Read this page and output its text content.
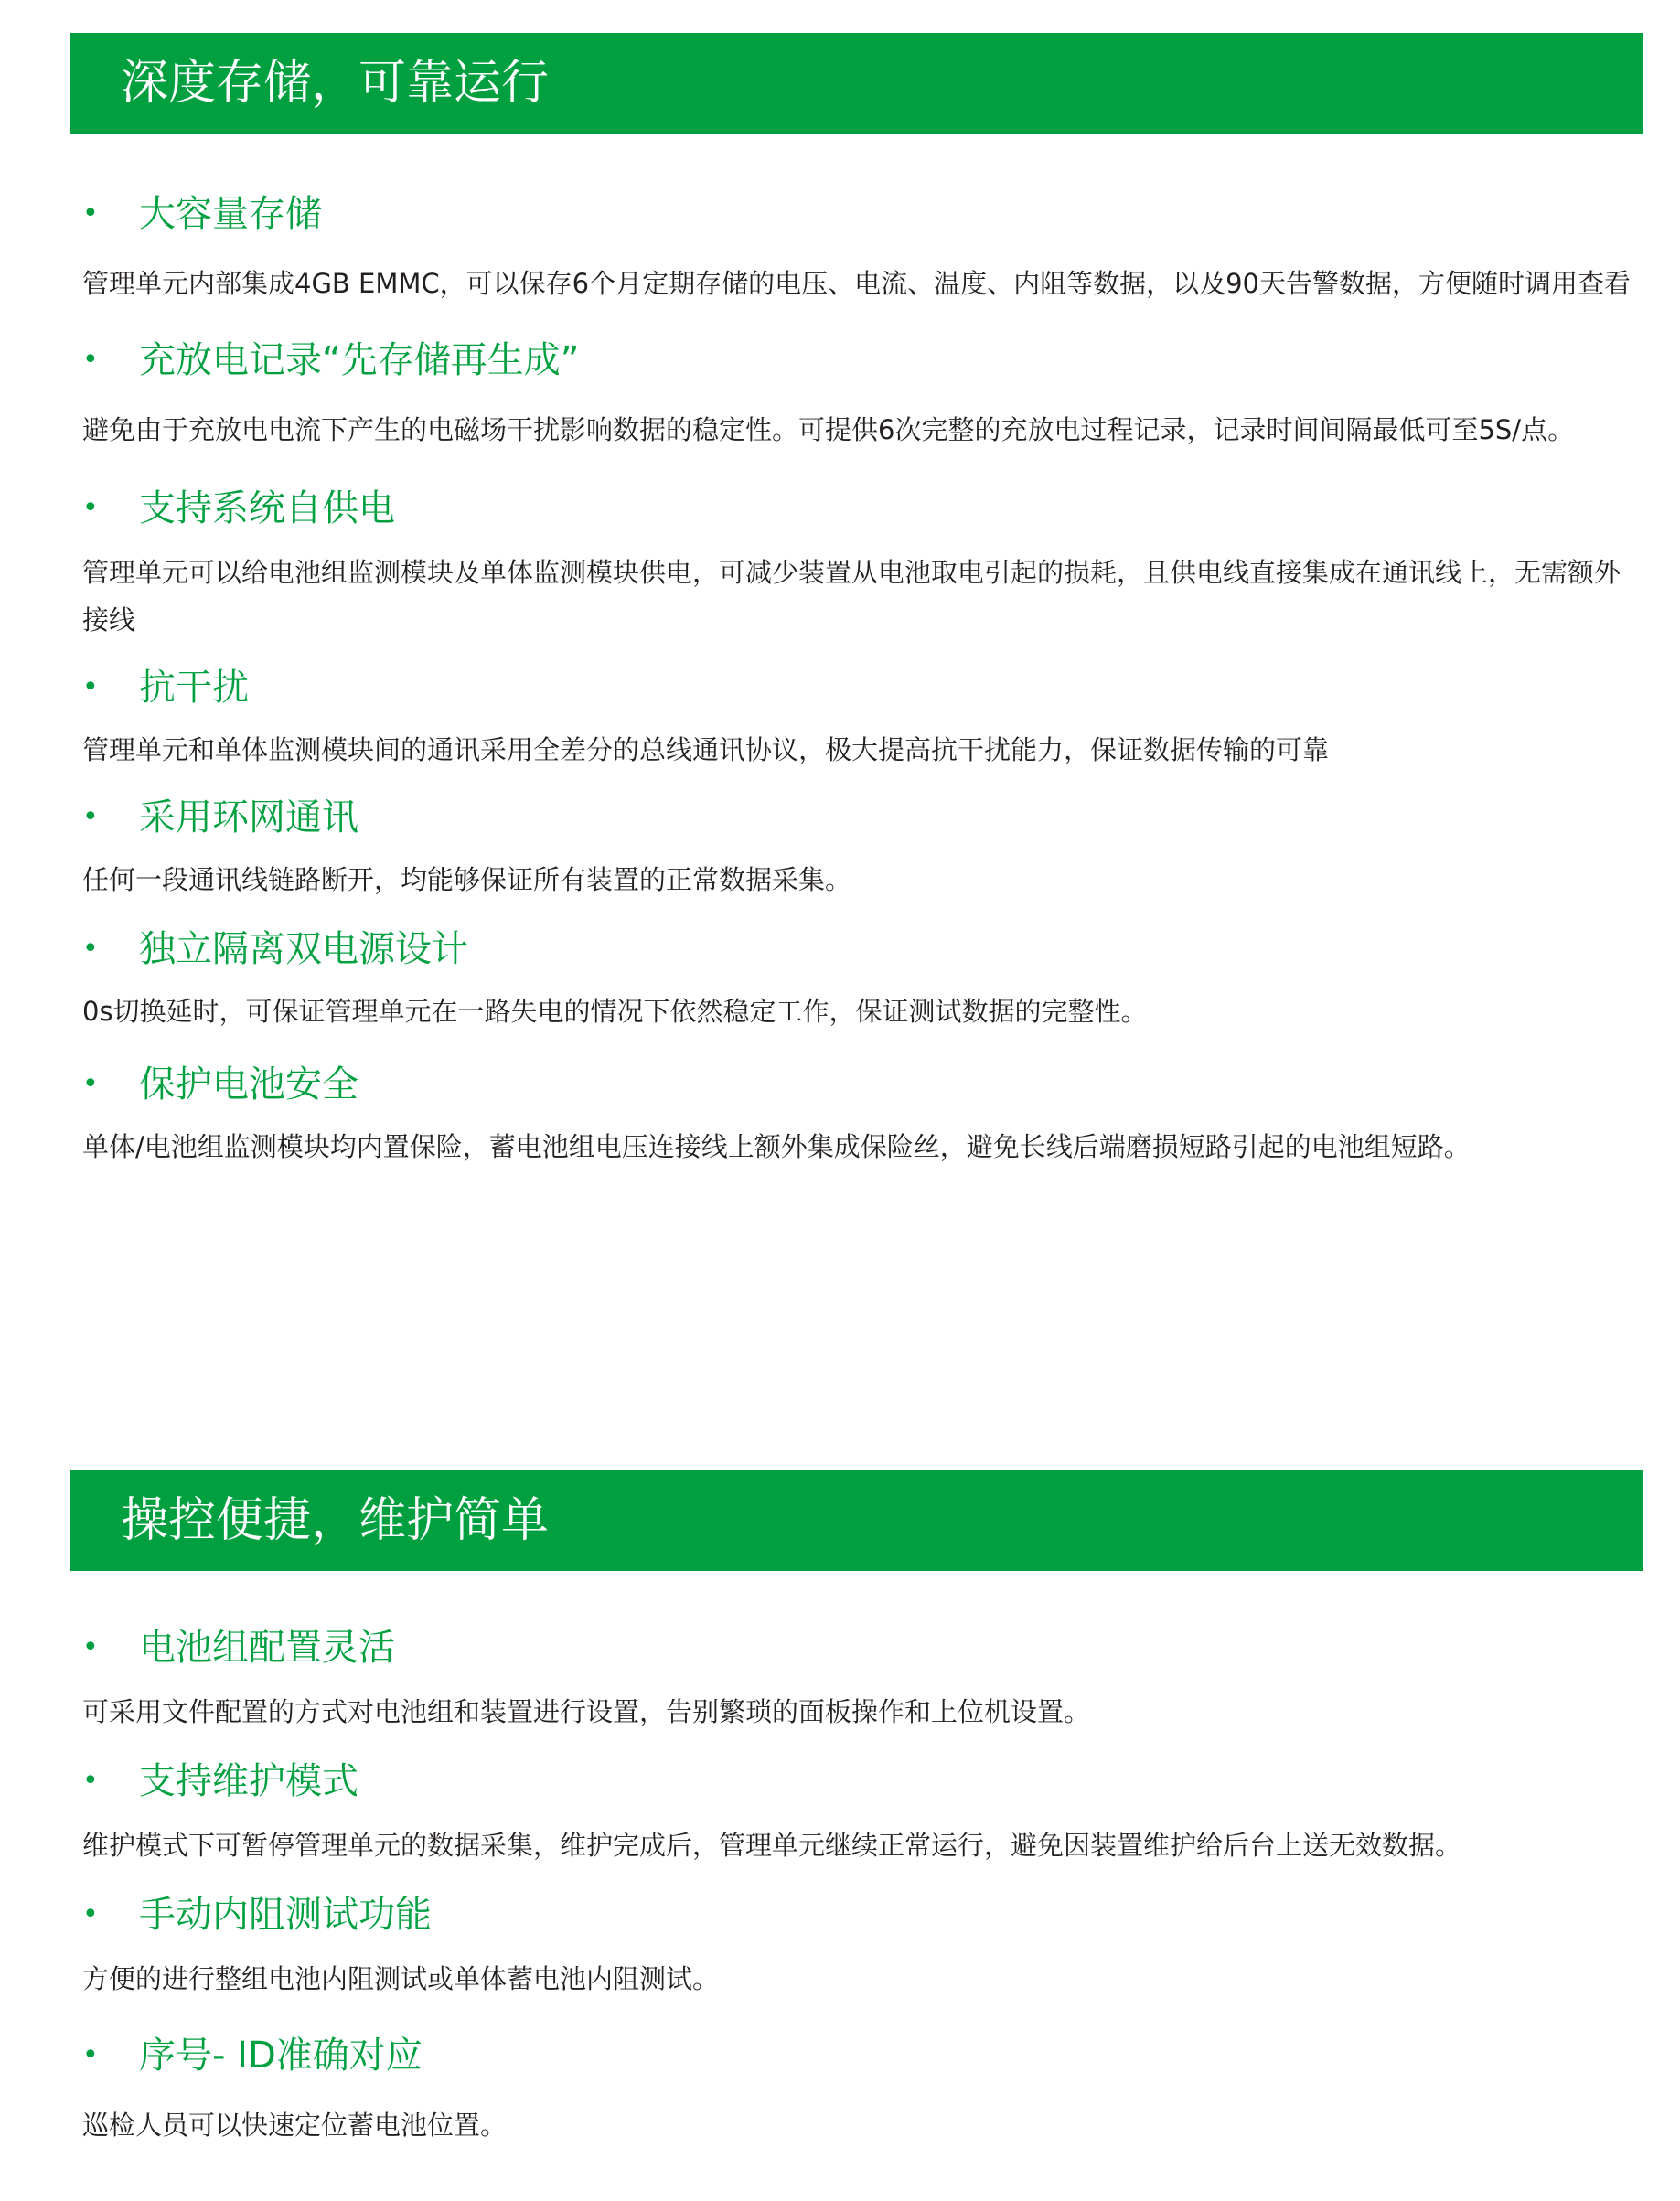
深度存储，可靠运行
•	大容量存储
管理单元内部集成4GB EMMC，可以保存6个月定期存储的电压、电流、温度、内阻等数据，以及90天告警数据，方便随时调用查看
•	充放电记录“先存储再生成”
避免由于充放电电流下产生的电磁场干扰影响数据的稳定性。可提供6次完整的充放电过程记录，记录时间间隔最低可至5S/点。
•	支持系统自供电
管理单元可以给电池组监测模块及单体监测模块供电，可减少装置从电池取电引起的损耗，且供电线直接集成在通讯线上，无需额外接线
•	抗干扰
管理单元和单体监测模块间的通讯采用全差分的总线通讯协议，极大提高抗干扰能力，保证数据传输的可靠
•	采用环网通讯
任何一段通讯线链路断开，均能够保证所有装置的正常数据采集。
•	独立隔离双电源设计
0s切换延时，可保证管理单元在一路失电的情况下依然稳定工作，保证测试数据的完整性。
•	保护电池安全
单体/电池组监测模块均内置保险，蓄电池组电压连接线上额外集成保险丝，避免长线后端磨损短路引起的电池组短路。
操控便捷，维护简单
•	电池组配置灵活
可采用文件配置的方式对电池组和装置进行设置，告别繁琐的面板操作和上位机设置。
•	支持维护模式
维护模式下可暂停管理单元的数据采集，维护完成后，管理单元继续正常运行，避免因装置维护给后台上送无效数据。
•	手动内阻测试功能
方便的进行整组电池内阻测试或单体蓄电池内阻测试。
•	序号- ID准确对应
巡检人员可以快速定位蓄电池位置。
